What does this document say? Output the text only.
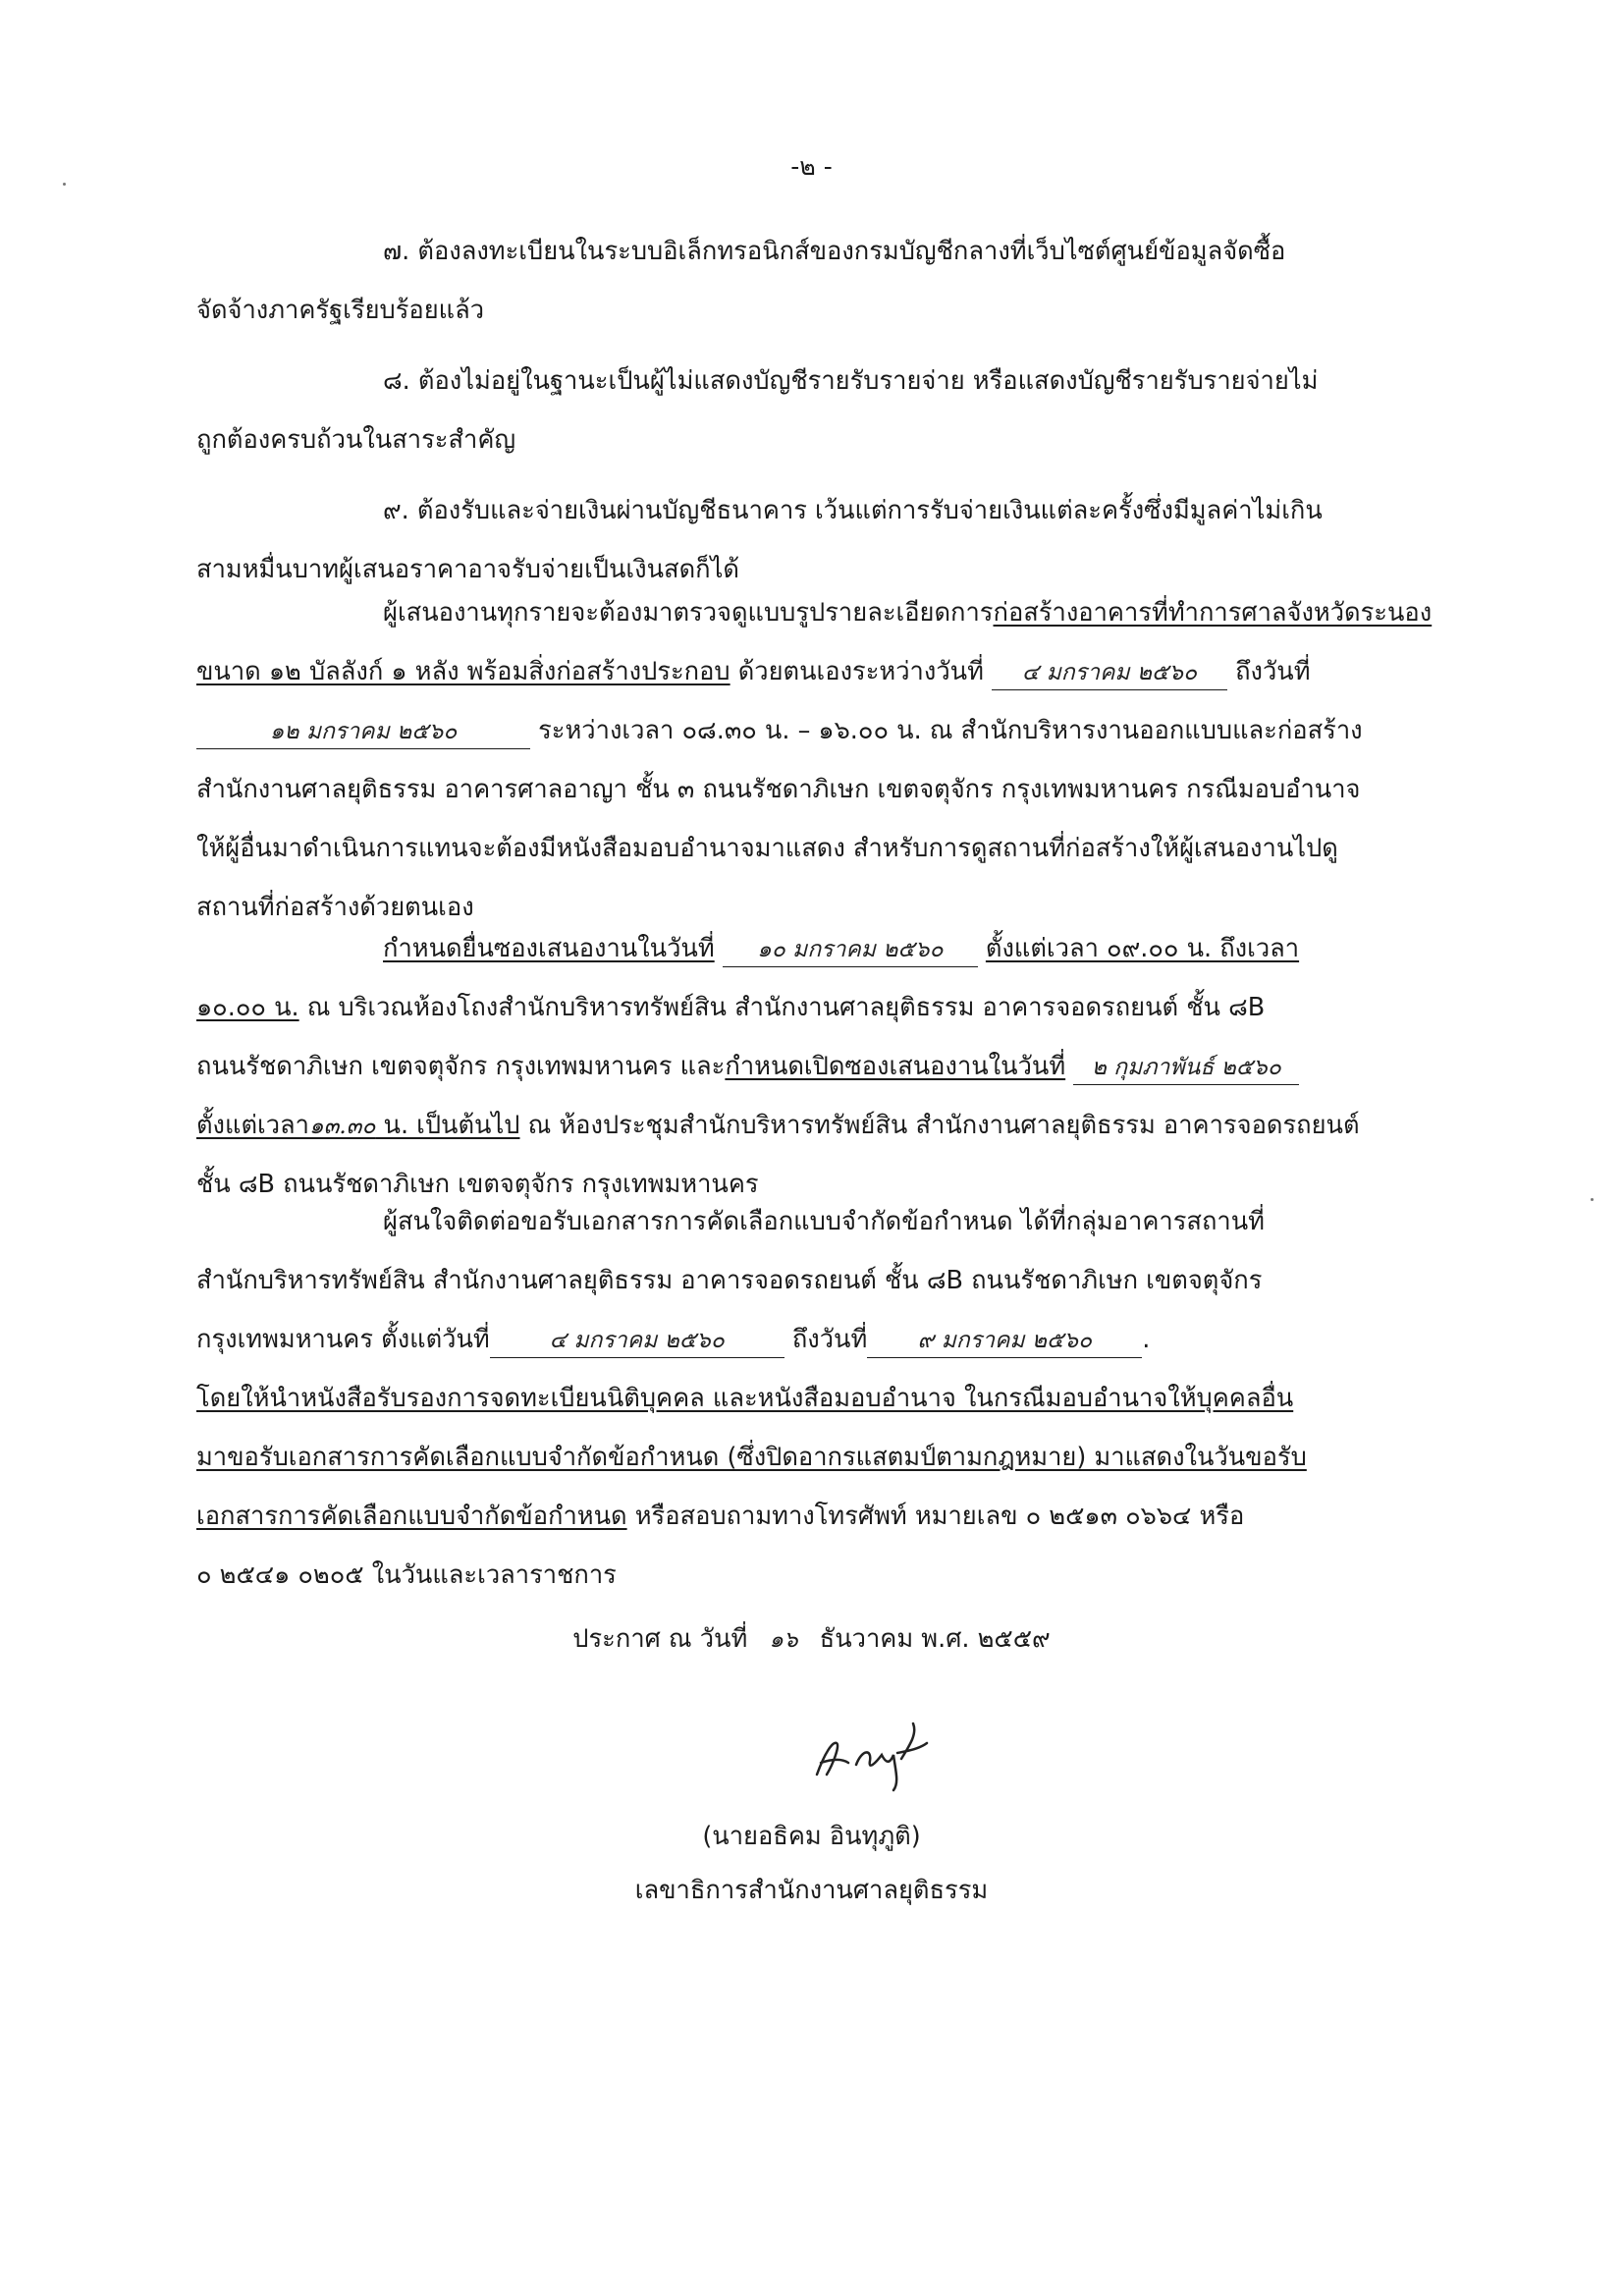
-๒ -
๗. ต้องลงทะเบียนในระบบอิเล็กทรอนิกส์ของกรมบัญชีกลางที่เว็บไซต์ศูนย์ข้อมูลจัดซื้อ
จัดจ้างภาครัฐเรียบร้อยแล้ว
๘. ต้องไม่อยู่ในฐานะเป็นผู้ไม่แสดงบัญชีรายรับรายจ่าย หรือแสดงบัญชีรายรับรายจ่ายไม่
ถูกต้องครบถ้วนในสาระสำคัญ
๙. ต้องรับและจ่ายเงินผ่านบัญชีธนาคาร เว้นแต่การรับจ่ายเงินแต่ละครั้งซึ่งมีมูลค่าไม่เกิน
สามหมื่นบาทผู้เสนอราคาอาจรับจ่ายเป็นเงินสดก็ได้
ผู้เสนองานทุกรายจะต้องมาตรวจดูแบบรูปรายละเอียดการก่อสร้างอาคารที่ทำการศาลจังหวัดระนอง
ขนาด ๑๒ บัลลังก์ ๑ หลัง พร้อมสิ่งก่อสร้างประกอบ ด้วยตนเองระหว่างวันที่ ๔ มกราคม ๒๕๖๐ ถึงวันที่
๑๒ มกราคม ๒๕๖๐	ระหว่างเวลา ๐๘.๓๐ น. – ๑๖.๐๐ น. ณ สำนักบริหารงานออกแบบและก่อสร้าง
สำนักงานศาลยุติธรรม อาคารศาลอาญา ชั้น ๓ ถนนรัชดาภิเษก เขตจตุจักร กรุงเทพมหานคร กรณีมอบอำนาจ
ให้ผู้อื่นมาดำเนินการแทนจะต้องมีหนังสือมอบอำนาจมาแสดง สำหรับการดูสถานที่ก่อสร้างให้ผู้เสนองานไปดู
สถานที่ก่อสร้างด้วยตนเอง
กำหนดยื่นซองเสนองานในวันที่ ๑๐ มกราคม ๒๕๖๐ ตั้งแต่เวลา ๐๙.๐๐ น. ถึงเวลา
๑๐.๐๐ น. ณ บริเวณห้องโถงสำนักบริหารทรัพย์สิน สำนักงานศาลยุติธรรม อาคารจอดรถยนต์ ชั้น ๘B
ถนนรัชดาภิเษก เขตจตุจักร กรุงเทพมหานคร และกำหนดเปิดซองเสนองานในวันที่ ๒ กุมภาพันธ์ ๒๕๖๐
ตั้งแต่เวลา๑๓.๓๐ น. เป็นต้นไป ณ ห้องประชุมสำนักบริหารทรัพย์สิน สำนักงานศาลยุติธรรม อาคารจอดรถยนต์
ชั้น ๘B ถนนรัชดาภิเษก เขตจตุจักร กรุงเทพมหานคร
ผู้สนใจติดต่อขอรับเอกสารการคัดเลือกแบบจำกัดข้อกำหนด ได้ที่กลุ่มอาคารสถานที่
สำนักบริหารทรัพย์สิน สำนักงานศาลยุติธรรม อาคารจอดรถยนต์ ชั้น ๘B ถนนรัชดาภิเษก เขตจตุจักร
กรุงเทพมหานคร ตั้งแต่วันที่	๔ มกราคม ๒๕๖๐	ถึงวันที่ ๙ มกราคม ๒๕๖๐ .
โดยให้นำหนังสือรับรองการจดทะเบียนนิติบุคคล และหนังสือมอบอำนาจ ในกรณีมอบอำนาจให้บุคคลอื่น
มาขอรับเอกสารการคัดเลือกแบบจำกัดข้อกำหนด (ซึ่งปิดอากรแสตมป์ตามกฎหมาย) มาแสดงในวันขอรับ
เอกสารการคัดเลือกแบบจำกัดข้อกำหนด หรือสอบถามทางโทรศัพท์ หมายเลข ๐ ๒๕๑๓ ๐๖๖๔ หรือ
๐ ๒๕๔๑ ๐๒๐๕ ในวันและเวลาราชการ
ประกาศ ณ วันที่ ๑๖ ธันวาคม พ.ศ. ๒๕๕๙
(นายอธิคม อินทุภูติ)
เลขาธิการสำนักงานศาลยุติธรรม
